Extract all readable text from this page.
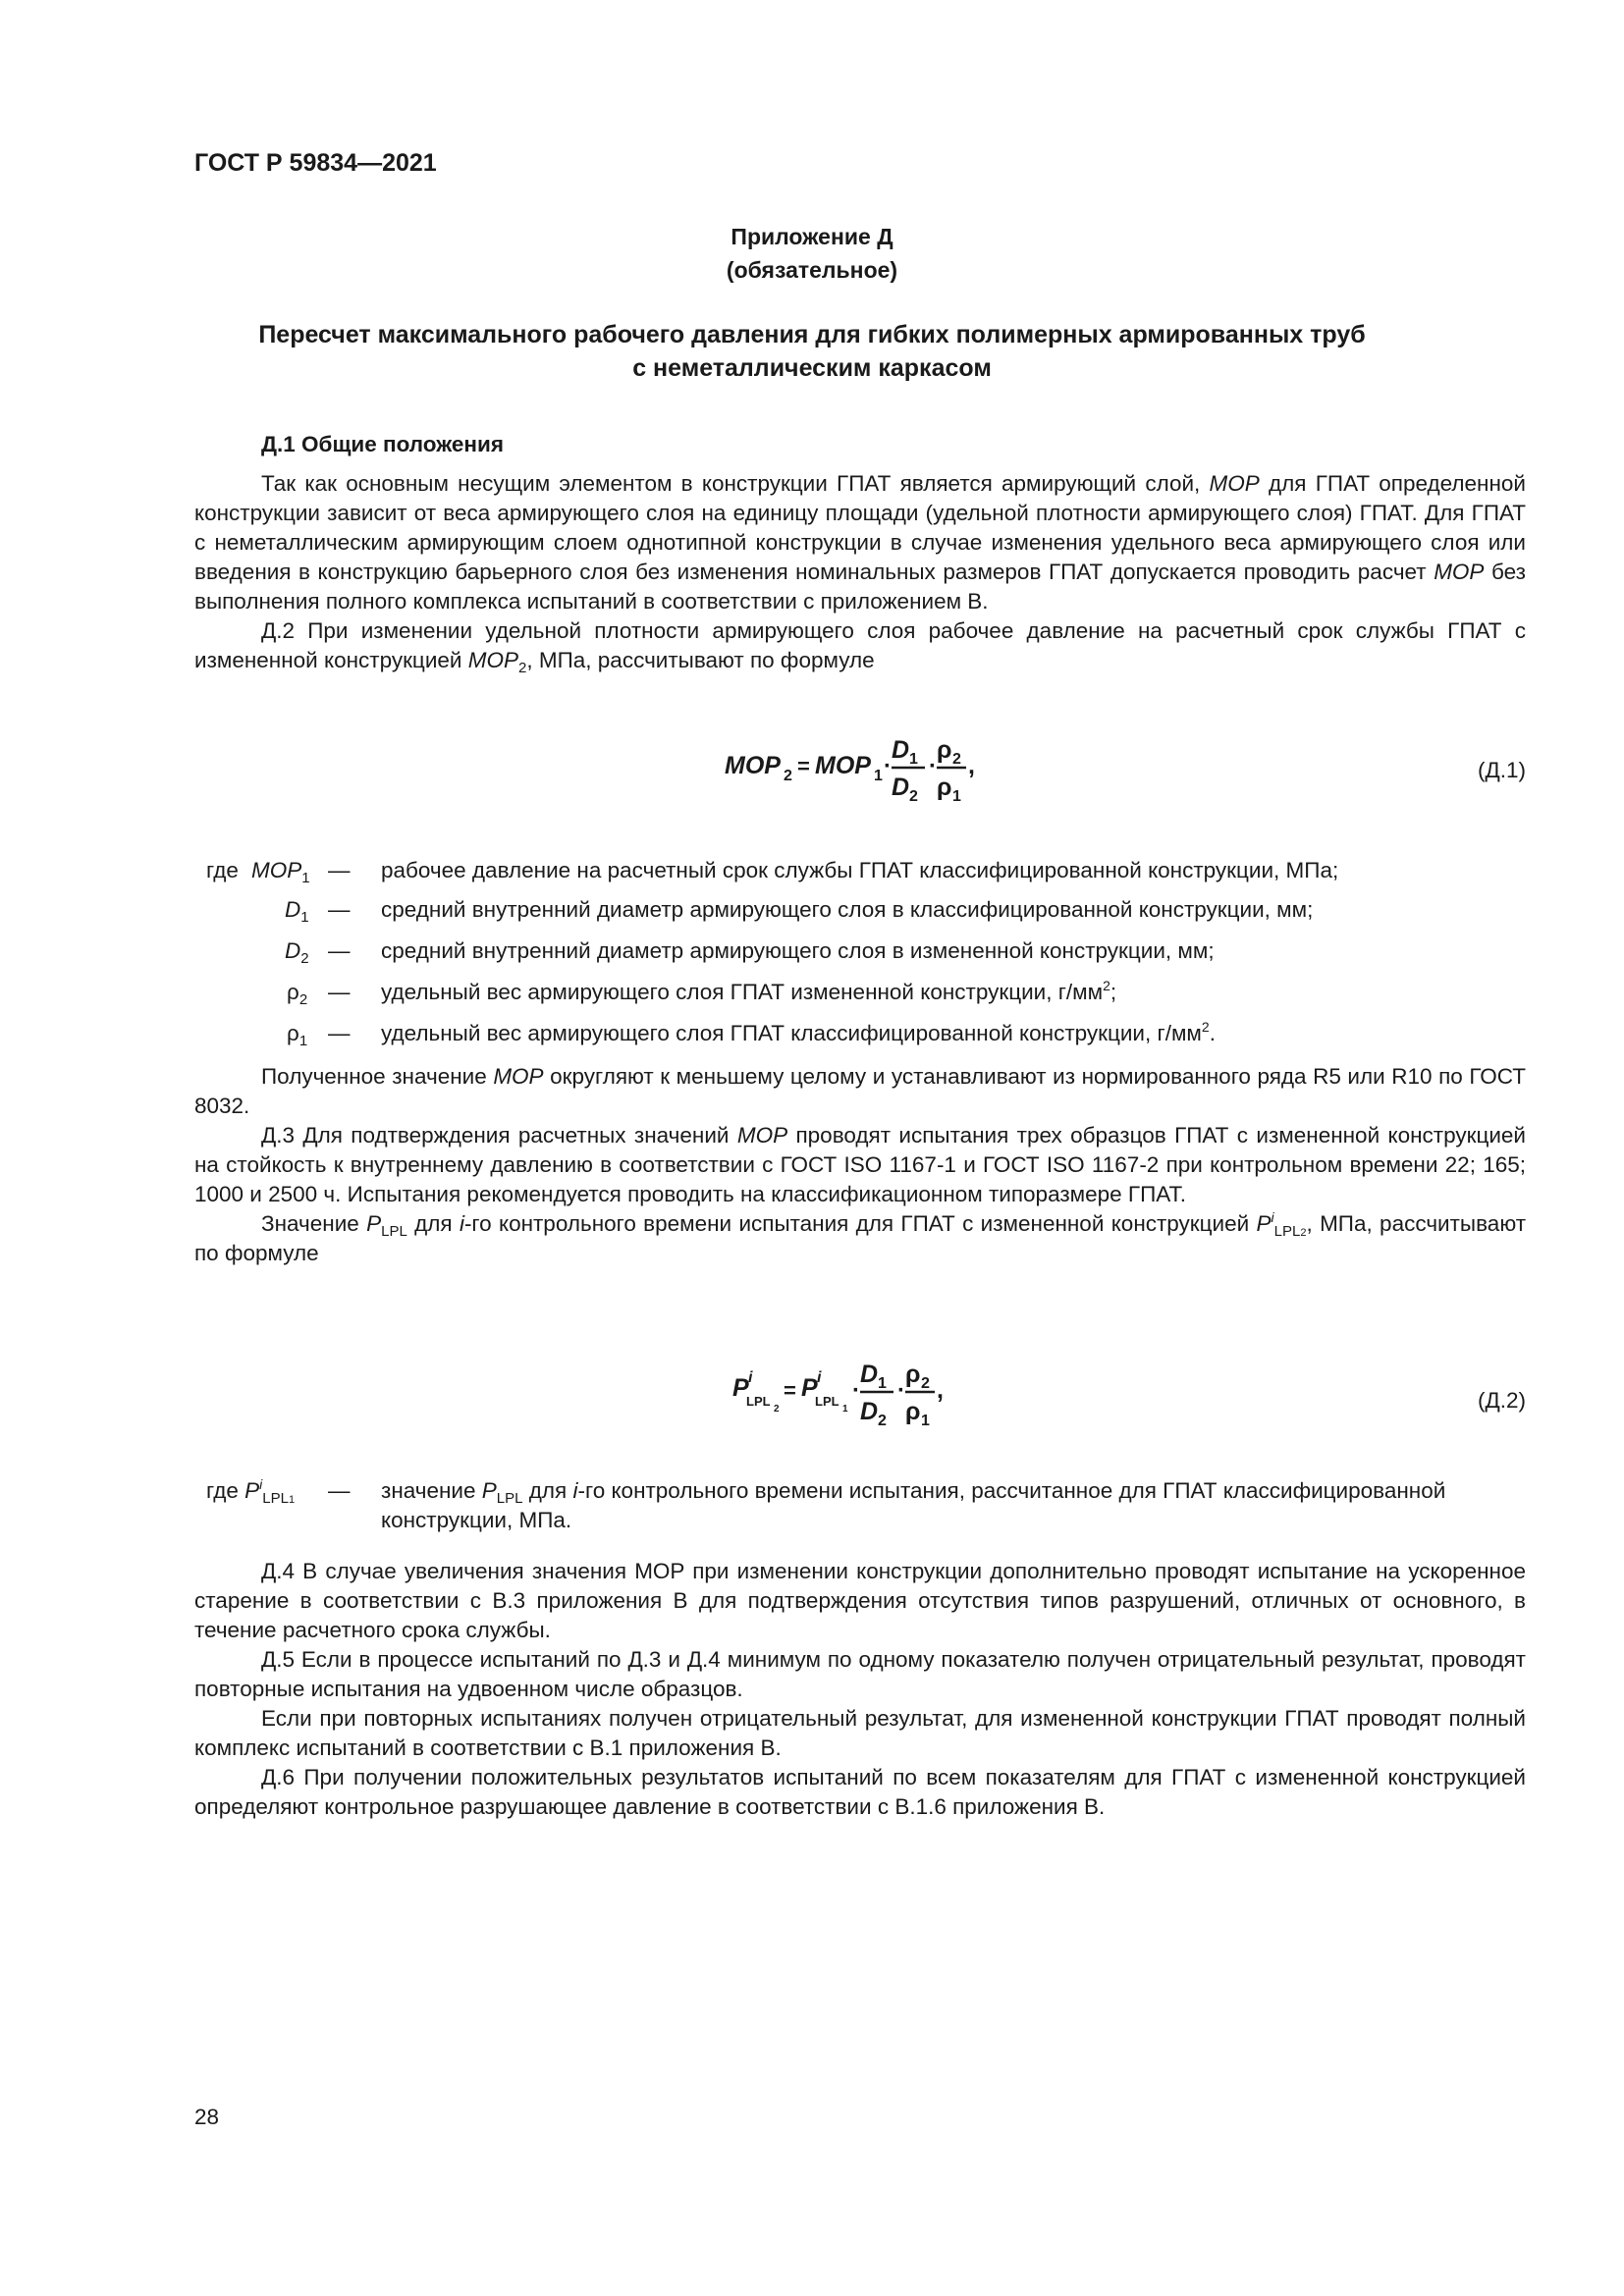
ГОСТ Р 59834—2021
Приложение Д
(обязательное)
Пересчет максимального рабочего давления для гибких полимерных армированных труб
с неметаллическим каркасом
Д.1 Общие положения

Так как основным несущим элементом в конструкции ГПАТ является армирующий слой, MOP для ГПАТ определенной конструкции зависит от веса армирующего слоя на единицу площади (удельной плотности армирующего слоя) ГПАТ. Для ГПАТ с неметаллическим армирующим слоем однотипной конструкции в случае изменения удельного веса армирующего слоя или введения в конструкцию барьерного слоя без изменения номинальных размеров ГПАТ допускается проводить расчет MOP без выполнения полного комплекса испытаний в соответствии с приложением В.

Д.2 При изменении удельной плотности армирующего слоя рабочее давление на расчетный срок службы ГПАТ с измененной конструкцией $MOP_2$, МПа, рассчитывают по формуле

MOP 2 = MOP 1 ·
D 1
D 2
·
ρ 2
ρ 1
,	(Д.1)
где $MOP_1$ — рабочее давление на расчетный срок службы ГПАТ классифицированной конструкции, МПа;
$D_1$ — средний внутренний диаметр армирующего слоя в классифицированной конструкции, мм;
$D_2$ — средний внутренний диаметр армирующего слоя в измененной конструкции, мм;
$\rho_2$ — удельный вес армирующего слоя ГПАТ измененной конструкции, $г/мм^2$;
$\rho_1$ — удельный вес армирующего слоя ГПАТ классифицированной конструкции, $г/мм^2$.

Полученное значение MOP округляют к меньшему целому и устанавливают из нормированного ряда R5 или R10 по ГОСТ 8032.

Д.3 Для подтверждения расчетных значений MOP проводят испытания трех образцов ГПАТ с измененной конструкцией на стойкость к внутреннему давлению в соответствии с ГОСТ ISO 1167-1 и ГОСТ ISO 1167-2 при контрольном времени 22; 165; 1000 и 2500 ч. Испытания рекомендуется проводить на классификационном типоразмере ГПАТ.

Значение $P_{LPL}$ для i-го контрольного времени испытания для ГПАТ с измененной конструкцией $P^i_{LPL2}$, МПа, рассчитывают по формуле

P i
LPL
2
= P i
LPL
1
·
D 1
D 2
·
ρ 2
ρ 1
,	(Д.2)
где $P^i_{LPL1}$ — значение $P_{LPL}$ для i-го контрольного времени испытания, рассчитанное для ГПАТ классифицированной конструкции, МПа.

Д.4 В случае увеличения значения MOP при изменении конструкции дополнительно проводят испытание на ускоренное старение в соответствии с В.3 приложения В для подтверждения отсутствия типов разрушений, отличных от основного, в течение расчетного срока службы.

Д.5 Если в процессе испытаний по Д.3 и Д.4 минимум по одному показателю получен отрицательный результат, проводят повторные испытания на удвоенном числе образцов.

Если при повторных испытаниях получен отрицательный результат, для измененной конструкции ГПАТ проводят полный комплекс испытаний в соответствии с В.1 приложения В.

Д.6 При получении положительных результатов испытаний по всем показателям для ГПАТ с измененной конструкцией определяют контрольное разрушающее давление в соответствии с В.1.6 приложения В.

28
